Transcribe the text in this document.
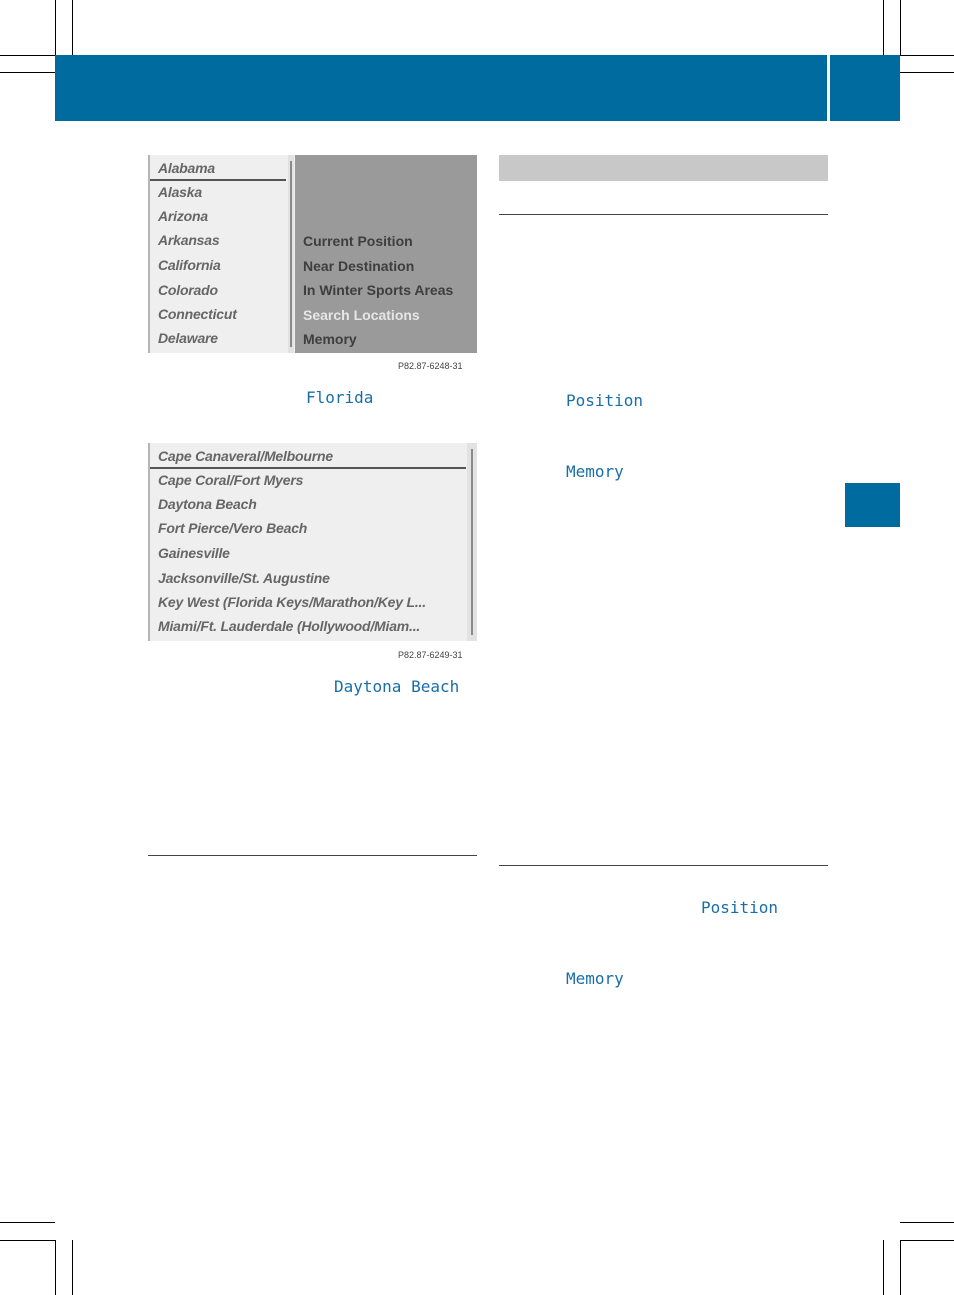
Alabama
Alaska
Arizona
Arkansas
California
Colorado
Connecticut
Delaware
Current Position
Near Destination
In Winter Sports Areas
Search Locations
Memory
P82.87-6248-31
Florida
Cape Canaveral/Melbourne
Cape Coral/Fort Myers
Daytona Beach
Fort Pierce/Vero Beach
Gainesville
Jacksonville/St. Augustine
Key West (Florida Keys/Marathon/Key L...
Miami/Ft. Lauderdale (Hollywood/Miam...
P82.87-6249-31
Daytona Beach
Position
Memory
Position
Memory
